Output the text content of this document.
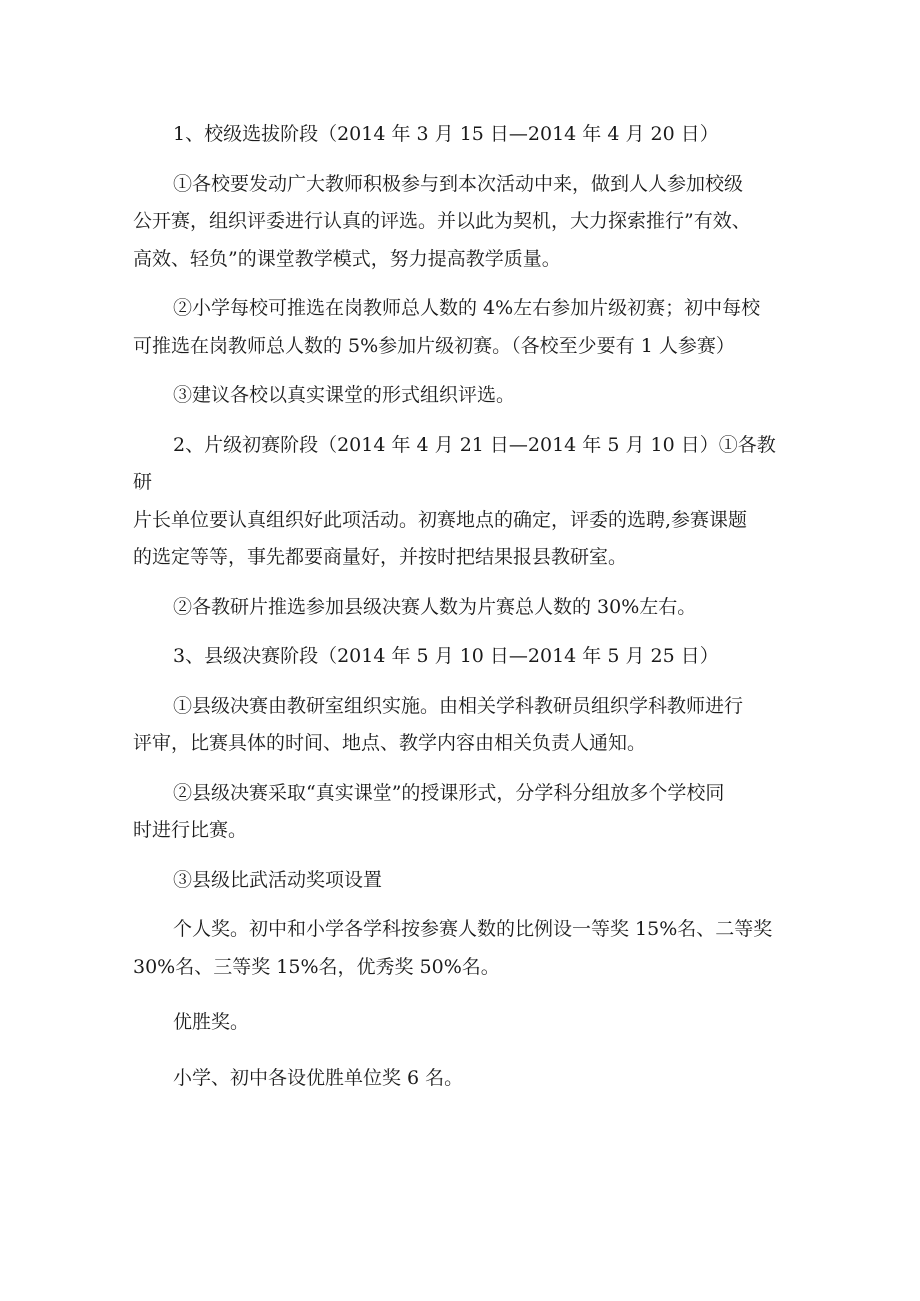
1、校级选拔阶段（2014 年 3 月 15 日—2014 年 4 月 20 日）

①各校要发动广大教师积极参与到本次活动中来，做到人人参加校级
公开赛，组织评委进行认真的评选。并以此为契机，大力探索推行”有效、
高效、轻负”的课堂教学模式，努力提高教学质量。

②小学每校可推选在岗教师总人数的 4%左右参加片级初赛；初中每校
可推选在岗教师总人数的 5%参加片级初赛。（各校至少要有 1 人参赛）

③建议各校以真实课堂的形式组织评选。

2、片级初赛阶段（2014 年 4 月 21 日—2014 年 5 月 10 日）①各教研
片长单位要认真组织好此项活动。初赛地点的确定，评委的选聘,参赛课题
的选定等等，事先都要商量好，并按时把结果报县教研室。

②各教研片推选参加县级决赛人数为片赛总人数的 30%左右。

3、县级决赛阶段（2014 年 5 月 10 日—2014 年 5 月 25 日）

①县级决赛由教研室组织实施。由相关学科教研员组织学科教师进行
评审，比赛具体的时间、地点、教学内容由相关负责人通知。

②县级决赛采取“真实课堂”的授课形式，分学科分组放多个学校同
时进行比赛。

③县级比武活动奖项设置

个人奖。初中和小学各学科按参赛人数的比例设一等奖 15%名、二等奖
30%名、三等奖 15%名，优秀奖 50%名。

优胜奖。

小学、初中各设优胜单位奖 6 名。
